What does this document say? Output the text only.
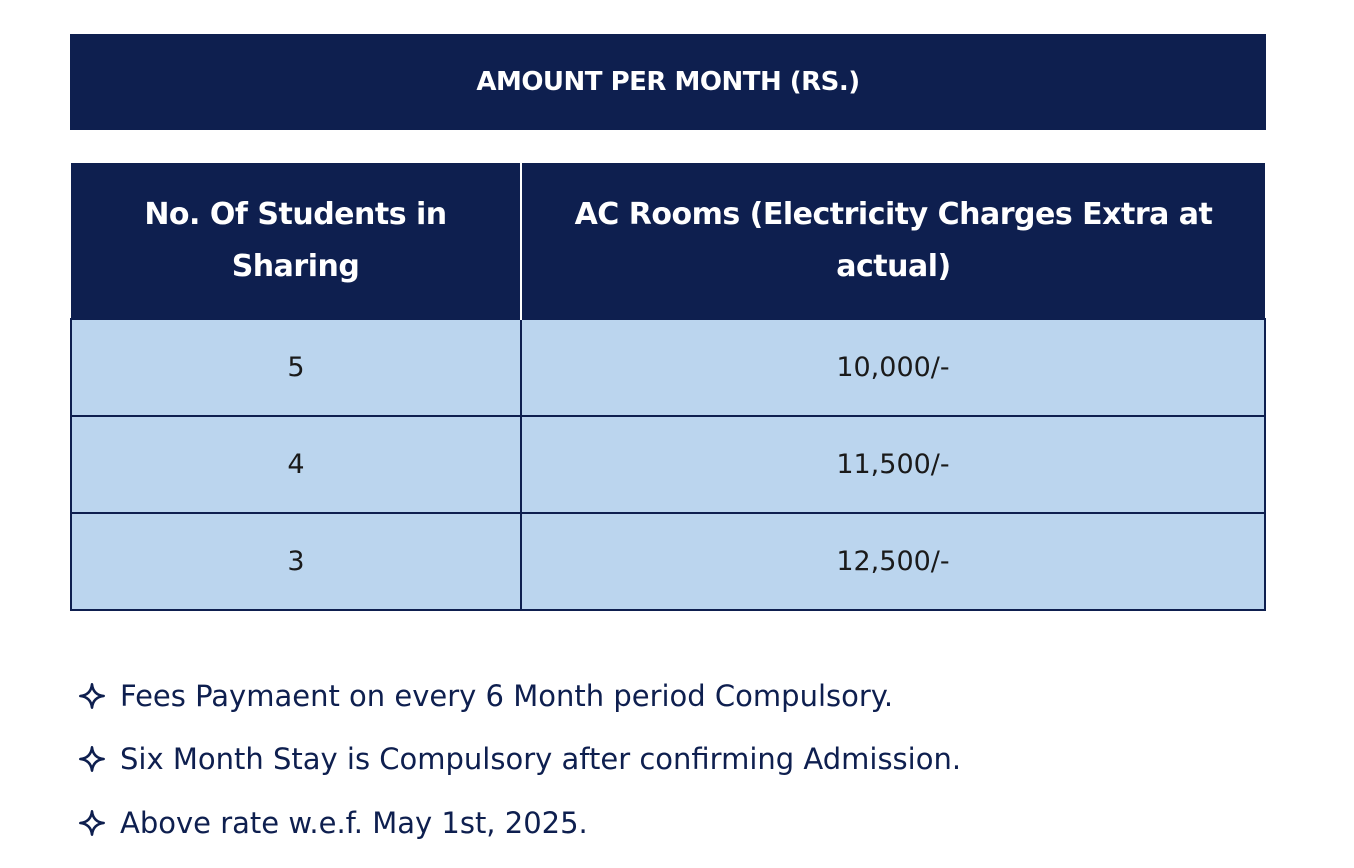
AMOUNT PER MONTH (RS.)
No. Of Students in Sharing	AC Rooms (Electricity Charges Extra at actual)
5	10,000/-
4	11,500/-
3	12,500/-
Fees Paymaent on every 6 Month period Compulsory.
Six Month Stay is Compulsory after confirming Admission.
Above rate w.e.f. May 1st, 2025.
